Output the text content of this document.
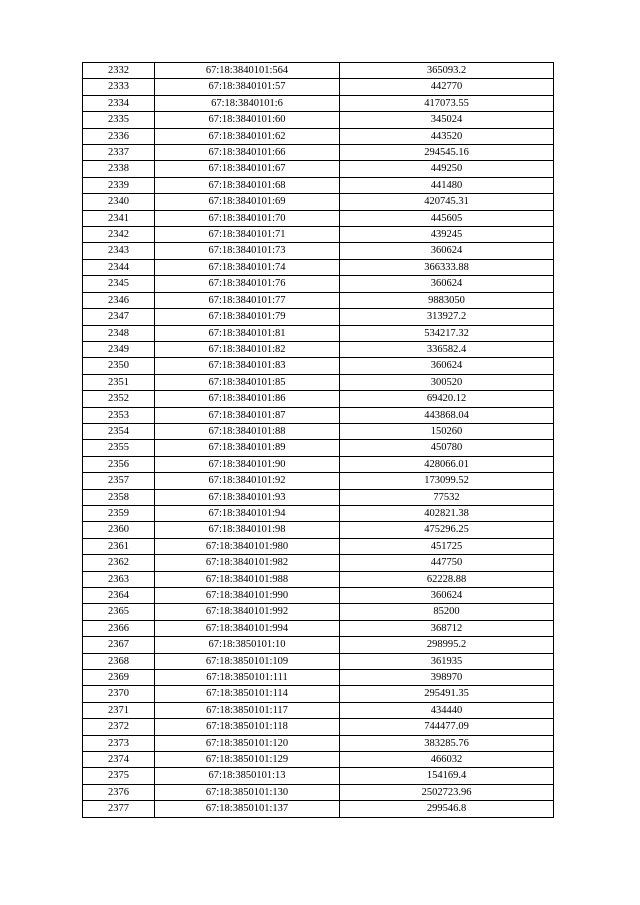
2332	67:18:3840101:564	365093.2
2333	67:18:3840101:57	442770
2334	67:18:3840101:6	417073.55
2335	67:18:3840101:60	345024
2336	67:18:3840101:62	443520
2337	67:18:3840101:66	294545.16
2338	67:18:3840101:67	449250
2339	67:18:3840101:68	441480
2340	67:18:3840101:69	420745.31
2341	67:18:3840101:70	445605
2342	67:18:3840101:71	439245
2343	67:18:3840101:73	360624
2344	67:18:3840101:74	366333.88
2345	67:18:3840101:76	360624
2346	67:18:3840101:77	9883050
2347	67:18:3840101:79	313927.2
2348	67:18:3840101:81	534217.32
2349	67:18:3840101:82	336582.4
2350	67:18:3840101:83	360624
2351	67:18:3840101:85	300520
2352	67:18:3840101:86	69420.12
2353	67:18:3840101:87	443868.04
2354	67:18:3840101:88	150260
2355	67:18:3840101:89	450780
2356	67:18:3840101:90	428066.01
2357	67:18:3840101:92	173099.52
2358	67:18:3840101:93	77532
2359	67:18:3840101:94	402821.38
2360	67:18:3840101:98	475296.25
2361	67:18:3840101:980	451725
2362	67:18:3840101:982	447750
2363	67:18:3840101:988	62228.88
2364	67:18:3840101:990	360624
2365	67:18:3840101:992	85200
2366	67:18:3840101:994	368712
2367	67:18:3850101:10	298995.2
2368	67:18:3850101:109	361935
2369	67:18:3850101:111	398970
2370	67:18:3850101:114	295491.35
2371	67:18:3850101:117	434440
2372	67:18:3850101:118	744477.09
2373	67:18:3850101:120	383285.76
2374	67:18:3850101:129	466032
2375	67:18:3850101:13	154169.4
2376	67:18:3850101:130	2502723.96
2377	67:18:3850101:137	299546.8
